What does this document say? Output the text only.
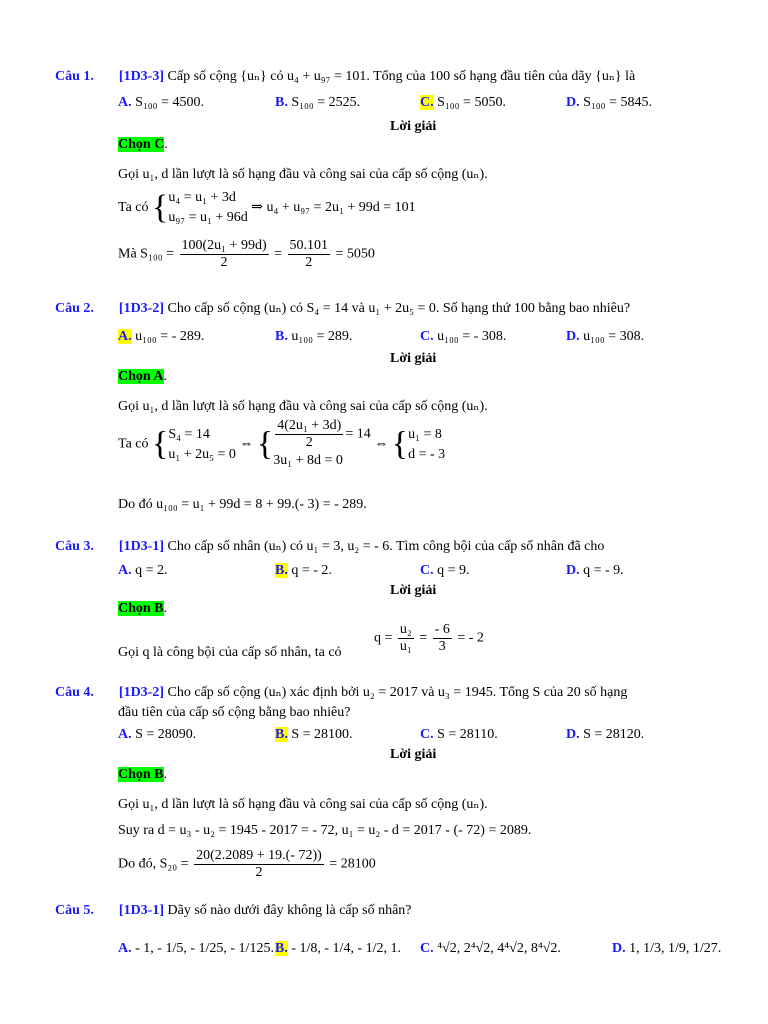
Câu 1. [1D3-3] Cấp số cộng {uₙ} có u₄ + u₉₇ = 101. Tổng của 100 số hạng đầu tiên của dãy {uₙ} là
A. S₁₀₀ = 4500.	B. S₁₀₀ = 2525.	C. S₁₀₀ = 5050.	D. S₁₀₀ = 5845.
Lời giải
Chọn C.
Gọi u₁, d lần lượt là số hạng đầu và công sai của cấp số cộng (uₙ).
Ta có { u₄ = u₁ + 3d
u₉₇ = u₁ + 96d
⇒ u₄ + u₉₇ = 2u₁ + 99d = 101
Mà $S_{100} = \frac{\text{100(2u₁ + 99d)}}{2} = \frac{50.101}{2} = 5050$
Câu 2. [1D3-2] Cho cấp số cộng (uₙ) có S₄ = 14 và u₁ + 2u₅ = 0. Số hạng thứ 100 bằng bao nhiêu?
A. u₁₀₀ = - 289.	B. u₁₀₀ = 289.	C. u₁₀₀ = - 308.	D. u₁₀₀ = 308.
Lời giải
Chọn A.
Gọi u₁, d lần lượt là số hạng đầu và công sai của cấp số cộng (uₙ).
Ta có { S₄ = 14
u₁ + 2u₅ = 0
⇔ { $\frac{\text{4(2u₁ + 3d)}}{2} = 14$
3u₁ + 8d = 0
⇔ { u₁ = 8
d = - 3
Do đó u₁₀₀ = u₁ + 99d = 8 + 99.(- 3) = - 289.
Câu 3. [1D3-1] Cho cấp số nhân (uₙ) có u₁ = 3, u₂ = - 6. Tìm công bội của cấp số nhân đã cho
A. q = 2.	B. q = - 2.	C. q = 9.	D. q = - 9.
Lời giải
Chọn B.
Gọi q là công bội của cấp số nhân, ta có
$q = \frac{\text{u₂}}{\text{u₁}} = \frac{- 6}{3}$ = - 2
Câu 4. [1D3-2] Cho cấp số cộng (uₙ) xác định bởi u₂ = 2017 và u₃ = 1945. Tổng S của 20 số hạng
đầu tiên của cấp số cộng bằng bao nhiêu?
A. S = 28090.	B. S = 28100.	C. S = 28110.	D. S = 28120.
Lời giải
Chọn B.
Gọi u₁, d lần lượt là số hạng đầu và công sai của cấp số cộng (uₙ).
Suy ra d = u₃ - u₂ = 1945 - 2017 = - 72, u₁ = u₂ - d = 2017 - (- 72) = 2089.
Do đó, $S_{20} = \frac{20(2.2089 + 19.(- 72))}{2} = 28100$
Câu 5. [1D3-1] Dãy số nào dưới đây không là cấp số nhân?
A. - 1, - 1/5, - 1/25, - 1/125. B. - 1/8, - 1/4, - 1/2, 1. C. ⁴√2, 2⁴√2, 4⁴√2, 8⁴√2.	D. 1, 1/3, 1/9, 1/27.
